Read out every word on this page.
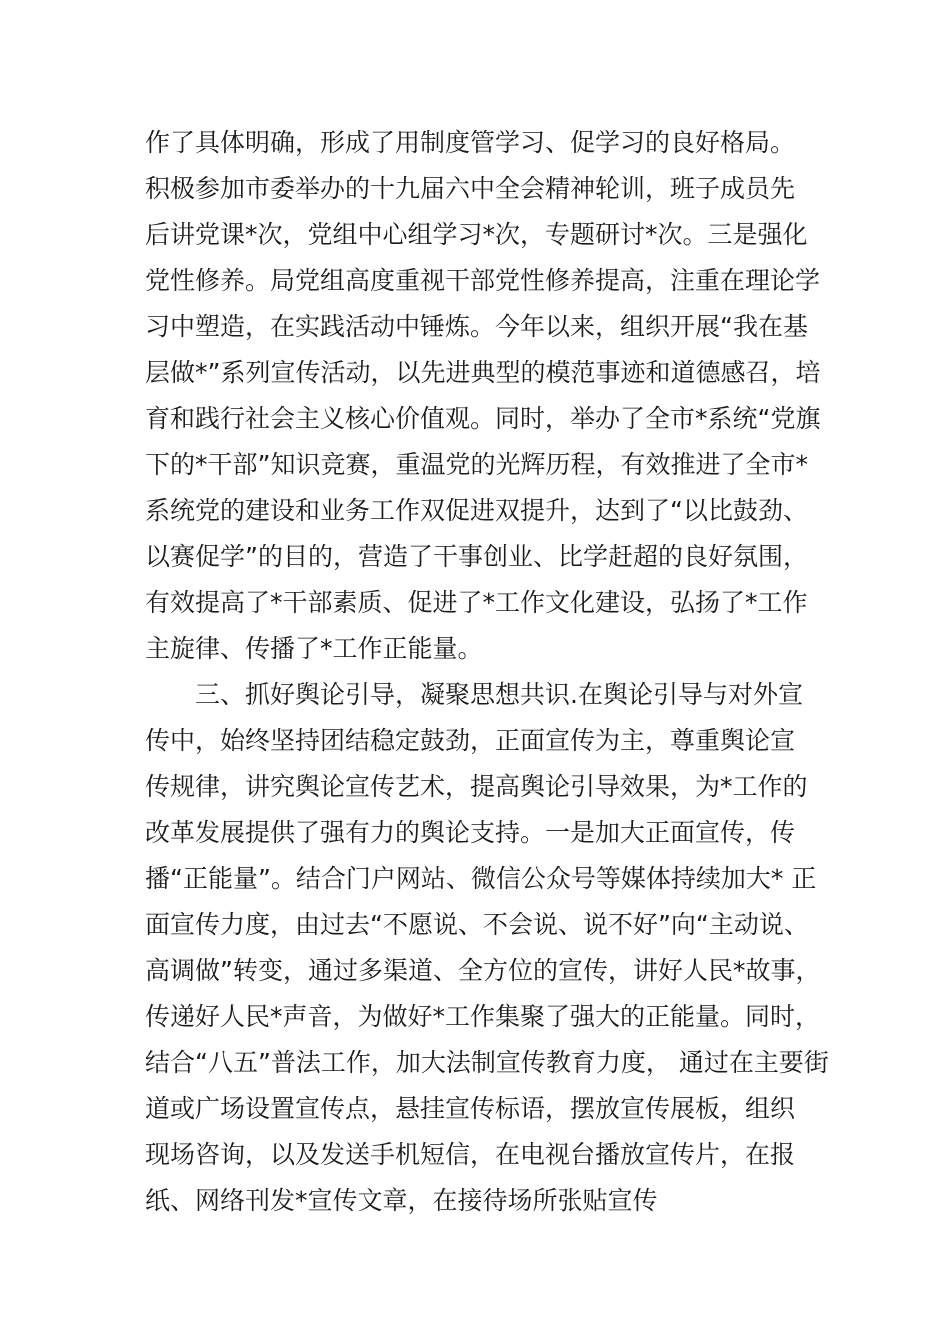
作了具体明确，形成了用制度管学习、促学习的良好格局。
积极参加市委举办的十九届六中全会精神轮训，班子成员先
后讲党课*次，党组中心组学习*次，专题研讨*次。三是强化
党性修养。局党组高度重视干部党性修养提高，注重在理论学
习中塑造，在实践活动中锤炼。今年以来，组织开展“我在基
层做*”系列宣传活动，以先进典型的模范事迹和道德感召，培
育和践行社会主义核心价值观。同时，举办了全市*系统“党旗
下的*干部”知识竞赛，重温党的光辉历程，有效推进了全市*
系统党的建设和业务工作双促进双提升，达到了“以比鼓劲、
以赛促学”的目的，营造了干事创业、比学赶超的良好氛围，
有效提高了*干部素质、促进了*工作文化建设，弘扬了*工作
主旋律、传播了*工作正能量。
三、抓好舆论引导，凝聚思想共识.在舆论引导与对外宣
传中，始终坚持团结稳定鼓劲，正面宣传为主，尊重舆论宣
传规律，讲究舆论宣传艺术，提高舆论引导效果，为*工作的
改革发展提供了强有力的舆论支持。一是加大正面宣传，传
播“正能量”。结合门户网站、微信公众号等媒体持续加大* 正
面宣传力度，由过去“不愿说、不会说、说不好”向“主动说、
高调做”转变，通过多渠道、全方位的宣传，讲好人民*故事，
传递好人民*声音，为做好*工作集聚了强大的正能量。同时，
结合“八五”普法工作，加大法制宣传教育力度， 通过在主要街
道或广场设置宣传点，悬挂宣传标语，摆放宣传展板，组织
现场咨询，以及发送手机短信，在电视台播放宣传片，在报
纸、网络刊发*宣传文章，在接待场所张贴宣传
